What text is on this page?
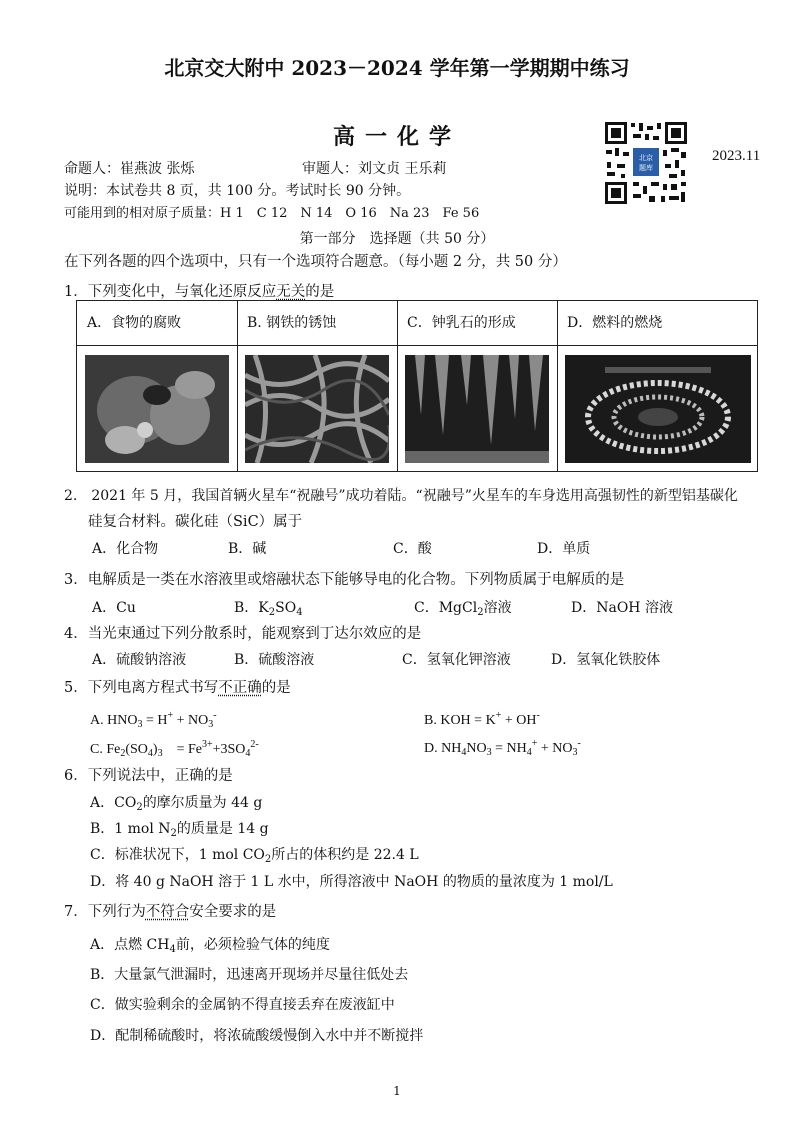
北京交大附中 2023－2024 学年第一学期期中练习
高一化学
北京
题库
2023.11
命题人：崔燕波 张烁	审题人：刘文贞 王乐莉
说明：本试卷共 8 页，共 100 分。考试时长 90 分钟。
可能用到的相对原子质量：H 1　C 12　N 14　O 16　Na 23　Fe 56
第一部分　选择题（共 50 分）
在下列各题的四个选项中，只有一个选项符合题意。（每小题 2 分，共 50 分）
1．下列变化中，与氧化还原反应无关的是
A．食物的腐败	B. 钢铁的锈蚀	C．钟乳石的形成	D．燃料的燃烧
2.　2021 年 5 月，我国首辆火星车“祝融号”成功着陆。“祝融号”火星车的车身选用高强韧性的新型铝基碳化
硅复合材料。碳化硅（SiC）属于
A．化合物	B．碱	C．酸	D．单质
3．电解质是一类在水溶液里或熔融状态下能够导电的化合物。下列物质属于电解质的是
A．Cu	B．$K_2SO_4$	C．MgCl$_2$溶液	D．NaOH 溶液
4．当光束通过下列分散系时，能观察到丁达尔效应的是
A．硫酸钠溶液	B．硫酸溶液	C．氢氧化钾溶液	D．氢氧化铁胶体
5．下列电离方程式书写不正确的是
A. $HNO_3 = H^+ + NO_3^-$	B. KOH = K+ + OH-
C. $Fe_2(SO_4)_3$　= $Fe^{3+}+3SO_4^{2-}$	D. $NH_4NO_3 = NH_4^+ + NO_3^-$
6．下列说法中，正确的是
A．$CO_2$的摩尔质量为 44 g
B．1 mol $N_2$的质量是 14 g
C．标准状况下，1 mol $CO_2$所占的体积约是 22.4 L
D．将 40 g NaOH 溶于 1 L 水中，所得溶液中 NaOH 的物质的量浓度为 1 mol/L
7．下列行为不符合安全要求的是
A．点燃 $CH_4$前，必须检验气体的纯度
B．大量氯气泄漏时，迅速离开现场并尽量往低处去
C．做实验剩余的金属钠不得直接丢弃在废液缸中
D．配制稀硫酸时，将浓硫酸缓慢倒入水中并不断搅拌
1
